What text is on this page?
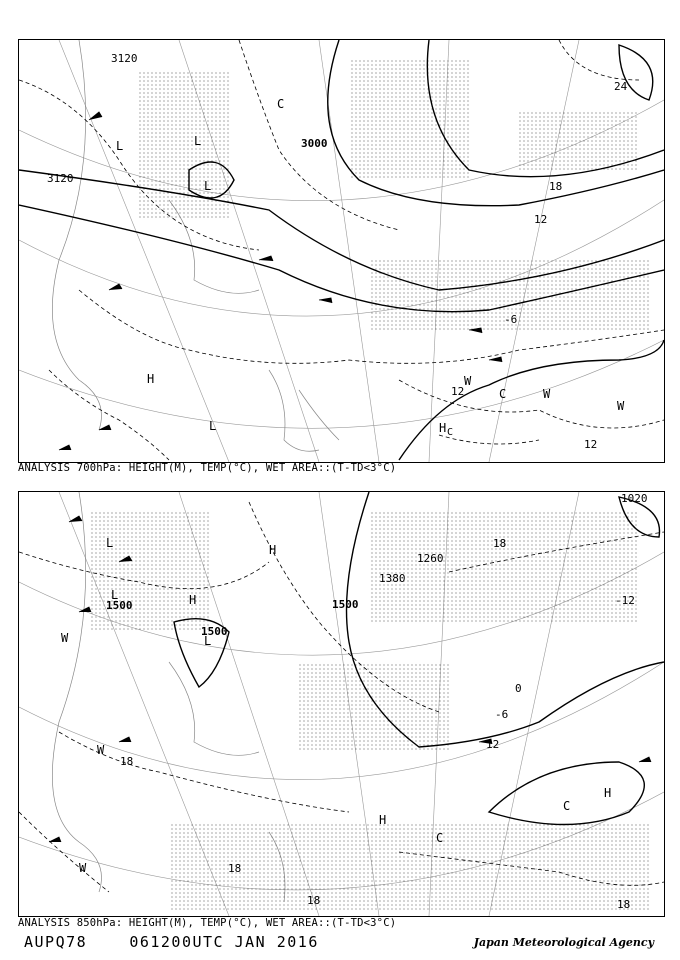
3120
3000
3120
18
12
-6
12
12
24
L
L
L
L
H
H
C
C	W
W
W
C
ANALYSIS 700hPa: HEIGHT(M), TEMP(°C), WET AREA::(T-TD<3°C)
1500
1500
1500
1380
1260
1020
18
-12
0
12
18
18
18	18
-6
L
L
L
H
H
H
H
C
C
W
W
W
ANALYSIS 850hPa: HEIGHT(M), TEMP(°C), WET AREA::(T-TD<3°C)
AUPQ78	061200UTC JAN 2016	Japan Meteorological Agency
